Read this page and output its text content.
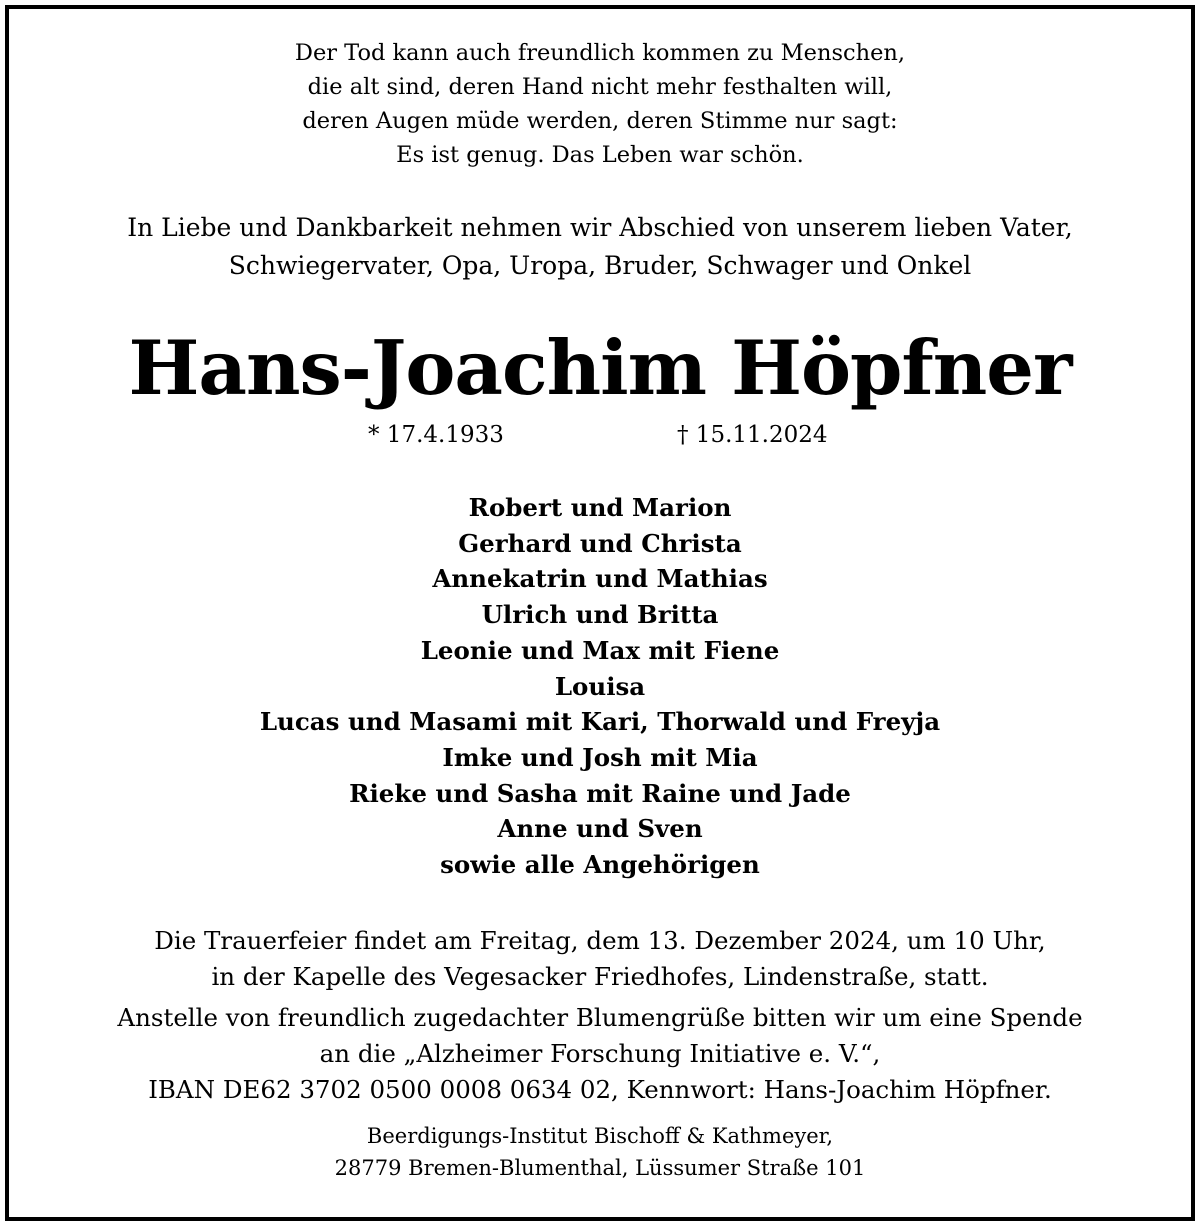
Der Tod kann auch freundlich kommen zu Menschen,
die alt sind, deren Hand nicht mehr festhalten will,
deren Augen müde werden, deren Stimme nur sagt:
Es ist genug. Das Leben war schön.
In Liebe und Dankbarkeit nehmen wir Abschied von unserem lieben Vater,
Schwiegervater, Opa, Uropa, Bruder, Schwager und Onkel
Hans-Joachim Höpfner
* 17.4.1933	† 15.11.2024
Robert und Marion
Gerhard und Christa
Annekatrin und Mathias
Ulrich und Britta
Leonie und Max mit Fiene
Louisa
Lucas und Masami mit Kari, Thorwald und Freyja
Imke und Josh mit Mia
Rieke und Sasha mit Raine und Jade
Anne und Sven
sowie alle Angehörigen
Die Trauerfeier findet am Freitag, dem 13. Dezember 2024, um 10 Uhr,
in der Kapelle des Vegesacker Friedhofes, Lindenstraße, statt.
Anstelle von freundlich zugedachter Blumengrüße bitten wir um eine Spende
an die „Alzheimer Forschung Initiative e. V.“,
IBAN DE62 3702 0500 0008 0634 02, Kennwort: Hans-Joachim Höpfner.
Beerdigungs-Institut Bischoff & Kathmeyer,
28779 Bremen-Blumenthal, Lüssumer Straße 101
